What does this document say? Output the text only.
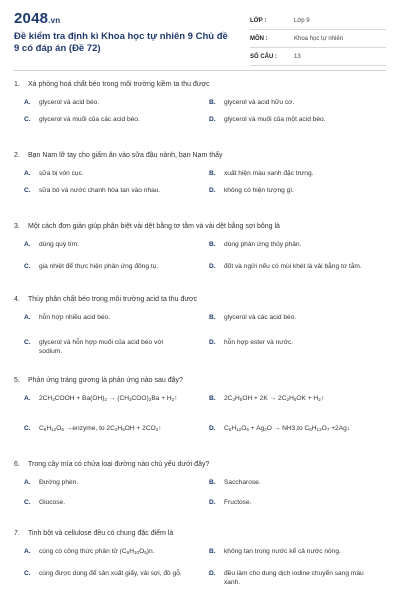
2048.vn
Đề kiểm tra định kì Khoa học tự nhiên 9 Chủ đề 9 có đáp án (Đề 72)
LỚP :	Lớp 9
MÔN :	Khoa học tự nhiên
SỐ CÂU :	13
1. Xà phòng hoá chất béo trong môi trường kiềm ta thu được
A.	glycerol và acid béo.	B.	glycerol và acid hữu cơ.
C.	glycerol và muối của các acid béo.	D.	glycerol và muối của một acid béo.
2. Bạn Nam lỡ tay cho giấm ăn vào sữa đậu nành, bạn Nam thấy
A.	sữa bị vón cục.	B.	xuất hiện màu xanh đặc trưng.
C.	sữa bò và nước chanh hòa tan vào nhau.	D.	không có hiện tượng gì.
3. Một cách đơn giản giúp phân biệt vải dệt bằng tơ tằm và vải dệt bằng sợi bông là
A.	dùng quỳ tím.	B.	dùng phản ứng thủy phân.
C.	gia nhiệt để thực hiện phản ứng đông tụ.	D.	đốt và ngửi nếu có mùi khét là vải bằng tơ tằm.
4. Thủy phân chất béo trong môi trường acid ta thu được
A.	hỗn hợp nhiều acid béo.	B.	glycerol và các acid béo.
C.	glycerol và hỗn hợp muối của acid béo với sodium.
D.	hỗn hợp ester và nước.
5. Phản ứng tráng gương là phản ứng nào sau đây?
A.	$2CH_3COOH + Ba(OH)_2 \to (CH_3COO)_2Ba$ + $H_2↑$	B.	$2C_2H_5OH + 2K \to 2C_2H_5OK$ + $H_2↑$
C.	$C_6H_{12}O_6$ →enzyme, to $2C_2H_5OH$ + $2CO_2↑$	D.	$C_6H_{12}O_6 + Ag_2O \to NH3,to$ $C_6H_{12}O_7$ +2Ag↓
6. Trong cây mía có chứa loại đường nào chủ yếu dưới đây?
A.	Đường phèn.	B.	Saccharose.
C.	Glucose.	D.	Fructose.
7. Tinh bột và cellulose đều có chung đặc điểm là
A.	cùng có công thức phân tử $(C_6H_{10}O_5)n$.	B.	không tan trong nước kể cả nước nóng.
C.	cùng được dùng để sản xuất giấy, vải sợi, đồ gỗ.	D.	đều làm cho dung dịch iodine chuyển sang màu xanh.
